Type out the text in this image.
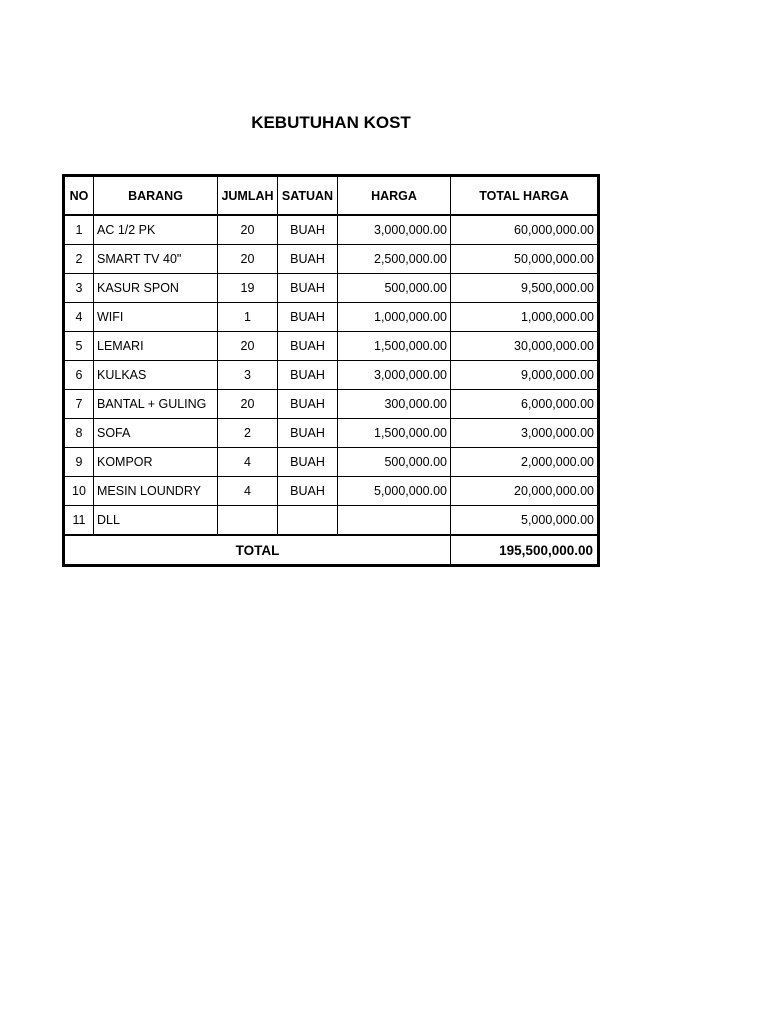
KEBUTUHAN KOST
NO	BARANG	JUMLAH	SATUAN	HARGA	TOTAL HARGA
1	AC 1/2 PK	20	BUAH	3,000,000.00	60,000,000.00
2	SMART TV 40"	20	BUAH	2,500,000.00	50,000,000.00
3	KASUR SPON	19	BUAH	500,000.00	9,500,000.00
4	WIFI	1	BUAH	1,000,000.00	1,000,000.00
5	LEMARI	20	BUAH	1,500,000.00	30,000,000.00
6	KULKAS	3	BUAH	3,000,000.00	9,000,000.00
7	BANTAL + GULING	20	BUAH	300,000.00	6,000,000.00
8	SOFA	2	BUAH	1,500,000.00	3,000,000.00
9	KOMPOR	4	BUAH	500,000.00	2,000,000.00
10	MESIN LOUNDRY	4	BUAH	5,000,000.00	20,000,000.00
11	DLL				5,000,000.00
TOTAL					195,500,000.00
